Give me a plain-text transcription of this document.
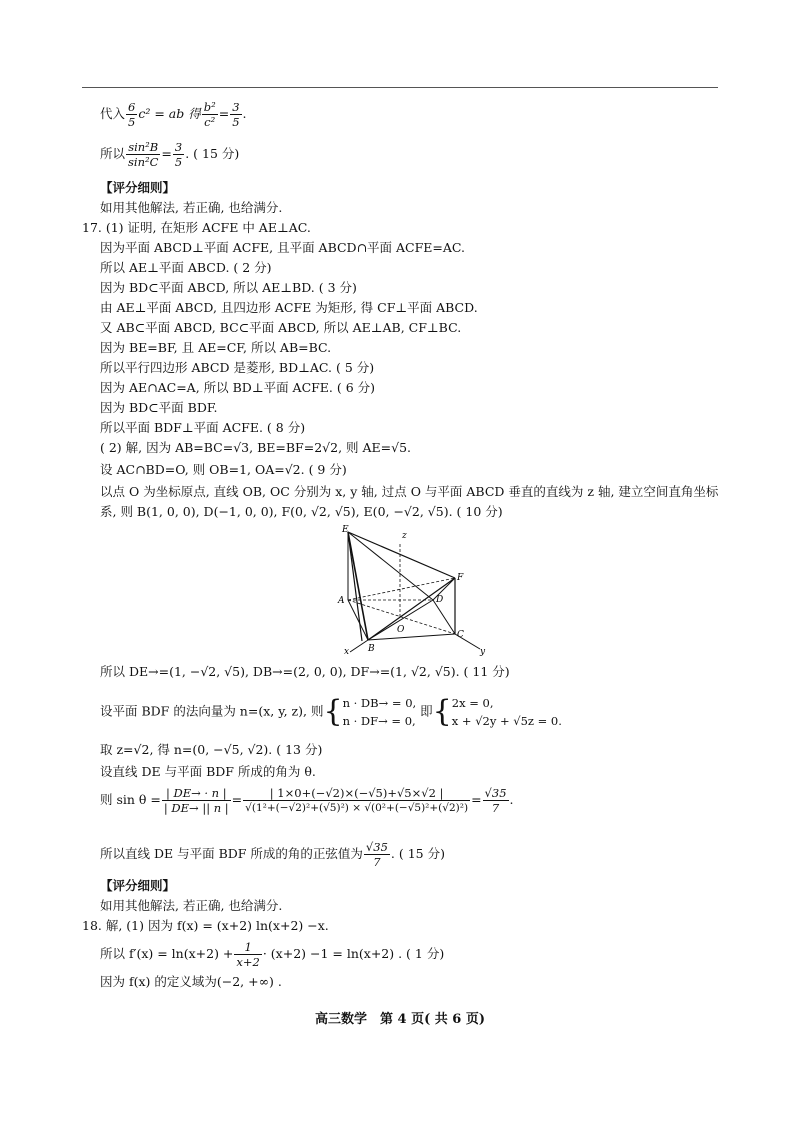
代入 $\frac{6}{5} c^2$ = ab 得 $\frac{\text{b²}}{\text{c²}} = \frac{3}{5}$ .
所以 $\frac{\text{sin²B}}{\text{sin²C}} = \frac{3}{5}$ . ( 15 分)
【评分细则】
如用其他解法, 若正确, 也给满分.
17. (1) 证明, 在矩形 ACFE 中 AE⊥AC.
因为平面 ABCD⊥平面 ACFE, 且平面 ABCD∩平面 ACFE=AC.
所以 AE⊥平面 ABCD. ( 2 分)
因为 BD⊂平面 ABCD, 所以 AE⊥BD. ( 3 分)
由 AE⊥平面 ABCD, 且四边形 ACFE 为矩形, 得 CF⊥平面 ABCD.
又 AB⊂平面 ABCD, BC⊂平面 ABCD, 所以 AE⊥AB, CF⊥BC.
因为 BE=BF, 且 AE=CF, 所以 AB=BC.
所以平行四边形 ABCD 是菱形, BD⊥AC. ( 5 分)
因为 AE∩AC=A, 所以 BD⊥平面 ACFE. ( 6 分)
因为 BD⊂平面 BDF.
所以平面 BDF⊥平面 ACFE. ( 8 分)
( 2) 解, 因为 AB=BC=√3, BE=BF=2√2, 则 AE=√5.
设 AC∩BD=O, 则 OB=1, OA=√2. ( 9 分)
以点 O 为坐标原点, 直线 OB, OC 分别为 x, y 轴, 过点 O 与平面 ABCD 垂直的直线为 z 轴, 建立空间直角坐标
系, 则 B(1, 0, 0), D(−1, 0, 0), F(0, √2, √5), E(0, −√2, √5). ( 10 分)
E
z
F
A	D
O	C
B
x	y
所以 DE→=(1, −√2, √5), DB→=(2, 0, 0), DF→=(1, √2, √5). ( 11 分)
设平面 BDF 的法向量为 n=(x, y, z), 则{ n · DB→ = 0,
n · DF→ = 0,
即{ 2x = 0,
x + √2y + √5z = 0.
取 z=√2, 得 n=(0, −√5, √2). ( 13 分)
设直线 DE 与平面 BDF 所成的角为 θ.
则 $\sin \theta = \frac{| DE\to \cdot n |}{| DE\to || n |} = \frac{| 1\times 0+(-√2)\times(-√5)+√5\times√2 |}{\text{√(1²+(−√2)²+(√5)²) × √(0²+(−√5)²+(√2)²)}} = \frac{√35}{7}$ .
所以直线 DE 与平面 BDF 所成的角的正弦值为 $\frac{√35}{7}$ . ( 15 分)
【评分细则】
如用其他解法, 若正确, 也给满分.
18. 解, (1) 因为 f(x) = (x+2) ln(x+2) −x.
所以 $f'(x) = \ln(x+2) + \frac{1}{x+2} \cdot (x+2) -1 = \ln(x+2)$ . ( 1 分)
因为 f(x) 的定义域为(−2, +∞) .
高三数学　第 4 页( 共 6 页)
